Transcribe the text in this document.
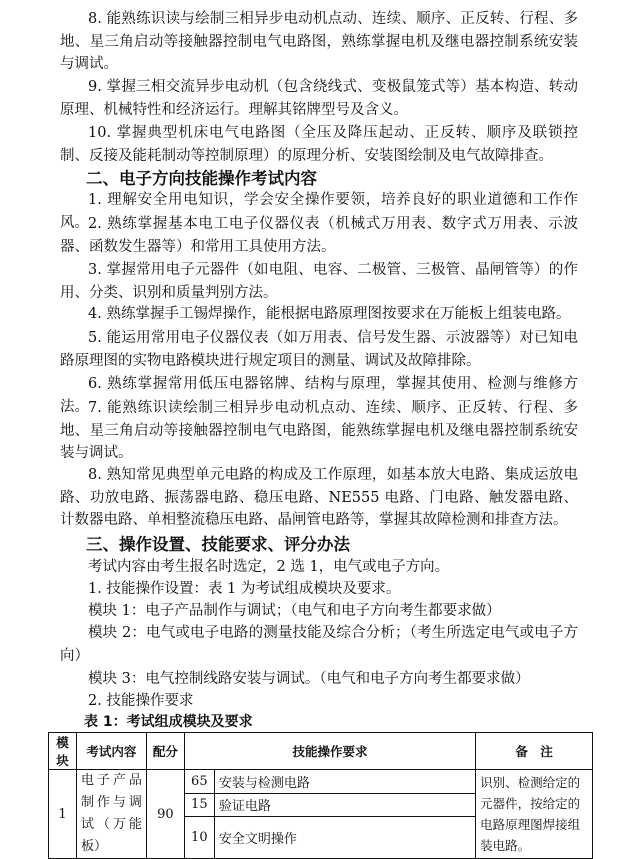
8. 能熟练识读与绘制三相异步电动机点动、连续、顺序、正反转、行程、多地、星三角启动等接触器控制电气电路图，熟练掌握电机及继电器控制系统安装与调试。

9. 掌握三相交流异步电动机（包含绕线式、变极鼠笼式等）基本构造、转动原理、机械特性和经济运行。理解其铭牌型号及含义。

10. 掌握典型机床电气电路图（全压及降压起动、正反转、顺序及联锁控制、反接及能耗制动等控制原理）的原理分析、安装图绘制及电气故障排查。

二、电子方向技能操作考试内容

1. 理解安全用电知识，学会安全操作要领，培养良好的职业道德和工作作风。 2. 熟练掌握基本电工电子仪器仪表（机械式万用表、数字式万用表、示波器、函数发生器等）和常用工具使用方法。

3. 掌握常用电子元器件（如电阻、电容、二极管、三极管、晶闸管等）的作用、分类、识别和质量判别方法。

4. 熟练掌握手工锡焊操作，能根据电路原理图按要求在万能板上组装电路。

5. 能运用常用电子仪器仪表（如万用表、信号发生器、示波器等）对已知电路原理图的实物电路模块进行规定项目的测量、调试及故障排除。

6. 熟练掌握常用低压电器铭牌、结构与原理，掌握其使用、检测与维修方法。 7. 能熟练识读绘制三相异步电动机点动、连续、顺序、正反转、行程、多地、星三角启动等接触器控制电气电路图，能熟练掌握电机及继电器控制系统安装与调试。

8. 熟知常见典型单元电路的构成及工作原理，如基本放大电路、集成运放电路、功放电路、振荡器电路、稳压电路、NE555 电路、门电路、触发器电路、计数器电路、单相整流稳压电路、晶闸管电路等，掌握其故障检测和排查方法。

三、操作设置、技能要求、评分办法

考试内容由考生报名时选定，2 选 1，电气或电子方向。

1. 技能操作设置：表 1 为考试组成模块及要求。

模块 1：电子产品制作与调试；（电气和电子方向考生都要求做）

模块 2：电气或电子电路的测量技能及综合分析；（考生所选定电气或电子方向）

模块 3：电气控制线路安装与调试。（电气和电子方向考生都要求做）

2. 技能操作要求

表 1：考试组成模块及要求

模块	考试内容	配分	技能操作要求		备　注
1	电子产品制作与调试（万能板）	90	65	安装与检测电路	识别、检测给定的元器件，按给定的电路原理图焊接组装电路。
			15	验证电路	
			10	安全文明操作	
